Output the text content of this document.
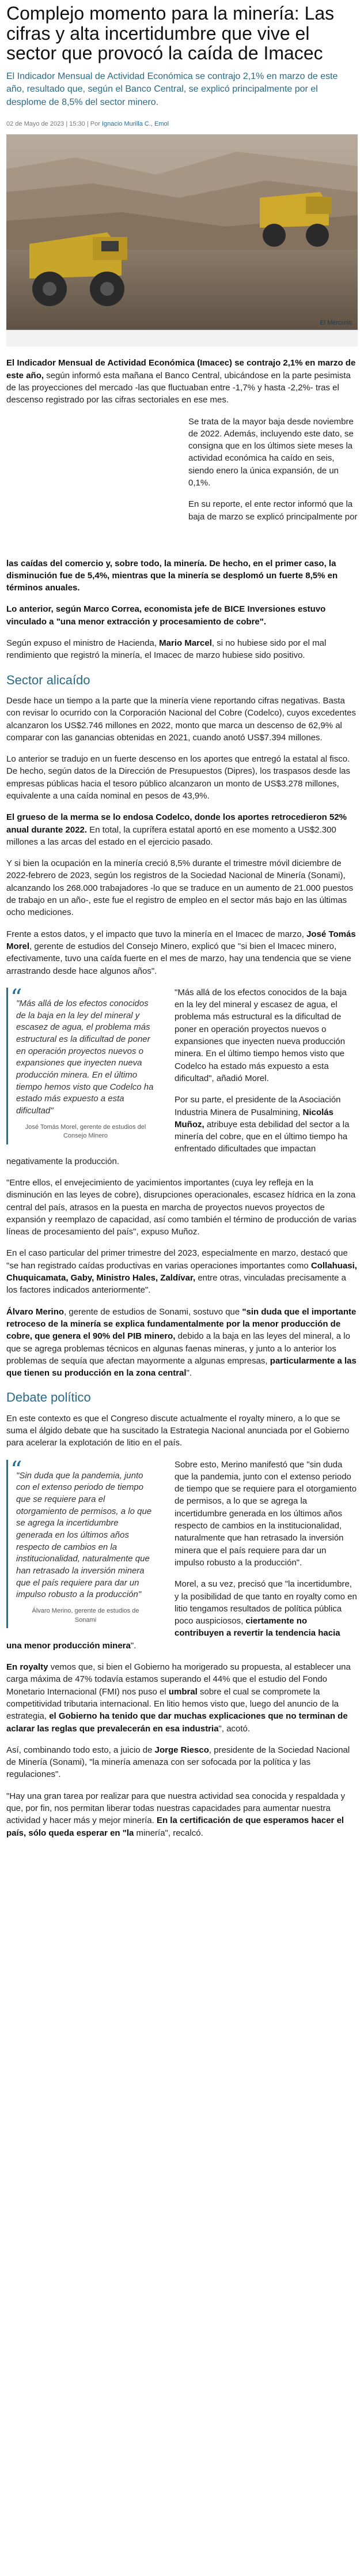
Complejo momento para la minería: Las cifras y alta incertidumbre que vive el sector que provocó la caída de Imacec
El Indicador Mensual de Actividad Económica se contrajo 2,1% en marzo de este año, resultado que, según el Banco Central, se explicó principalmente por el desplome de 8,5% del sector minero.
02 de Mayo de 2023 | 15:30 | Por Ignacio Murilla C., Emol
El Mercurio

El Indicador Mensual de Actividad Económica (Imacec) se contrajo 2,1% en marzo de este año, según informó esta mañana el Banco Central, ubicándose en la parte pesimista de las proyecciones del mercado -las que fluctuaban entre -1,7% y hasta -2,2%- tras el descenso registrado por las cifras sectoriales en ese mes.

Se trata de la mayor baja desde noviembre de 2022. Además, incluyendo este dato, se consigna que en los últimos siete meses la actividad económica ha caído en seis, siendo enero la única expansión, de un 0,1%.

En su reporte, el ente rector informó que la baja de marzo se explicó principalmente por

las caídas del comercio y, sobre todo, la minería. De hecho, en el primer caso, la disminución fue de 5,4%, mientras que la minería se desplomó un fuerte 8,5% en términos anuales.

Lo anterior, según Marco Correa, economista jefe de BICE Inversiones estuvo vinculado a "una menor extracción y procesamiento de cobre".

Según expuso el ministro de Hacienda, Mario Marcel, si no hubiese sido por el mal rendimiento que registró la minería, el Imacec de marzo hubiese sido positivo.

Sector alicaído

Desde hace un tiempo a la parte que la minería viene reportando cifras negativas. Basta con revisar lo ocurrido con la Corporación Nacional del Cobre (Codelco), cuyos excedentes alcanzaron los US$2.746 millones en 2022, monto que marca un descenso de 62,9% al comparar con las ganancias obtenidas en 2021, cuando anotó US$7.394 millones.

Lo anterior se tradujo en un fuerte descenso en los aportes que entregó la estatal al fisco. De hecho, según datos de la Dirección de Presupuestos (Dipres), los traspasos desde las empresas públicas hacia el tesoro público alcanzaron un monto de US$3.278 millones, equivalente a una caída nominal en pesos de 43,9%.

El grueso de la merma se lo endosa Codelco, donde los aportes retrocedieron 52% anual durante 2022. En total, la cuprífera estatal aportó en ese momento a US$2.300 millones a las arcas del estado en el ejercicio pasado.

Y si bien la ocupación en la minería creció 8,5% durante el trimestre móvil diciembre de 2022-febrero de 2023, según los registros de la Sociedad Nacional de Minería (Sonami), alcanzando los 268.000 trabajadores -lo que se traduce en un aumento de 21.000 puestos de trabajo en un año-, este fue el registro de empleo en el sector más bajo en las últimas ocho mediciones.

Frente a estos datos, y el impacto que tuvo la minería en el Imacec de marzo, José Tomás Morel, gerente de estudios del Consejo Minero, explicó que "si bien el Imacec minero, efectivamente, tuvo una caída fuerte en el mes de marzo, hay una tendencia que se viene arrastrando desde hace algunos años".

“ "Más allá de los efectos conocidos de la baja en la ley del mineral y escasez de agua, el problema más estructural es la dificultad de poner en operación proyectos nuevos o expansiones que inyecten nueva producción minera. En el último tiempo hemos visto que Codelco ha estado más expuesto a esta dificultad"
José Tomás Morel, gerente de estudios del Consejo Minero

"Más allá de los efectos conocidos de la baja en la ley del mineral y escasez de agua, el problema más estructural es la dificultad de poner en operación proyectos nuevos o expansiones que inyecten nueva producción minera. En el último tiempo hemos visto que Codelco ha estado más expuesto a esta dificultad", añadió Morel.

Por su parte, el presidente de la Asociación Industria Minera de Pusalmining, Nicolás Muñoz, atribuye esta debilidad del sector a la minería del cobre, que en el último tiempo ha enfrentado dificultades que impactan negativamente la producción.

"Entre ellos, el envejecimiento de yacimientos importantes (cuya ley refleja en la disminución en las leyes de cobre), disrupciones operacionales, escasez hídrica en la zona central del país, atrasos en la puesta en marcha de proyectos nuevos proyectos de expansión y reemplazo de capacidad, así como también el término de producción de varias líneas de procesamiento del país", expuso Muñoz.

En el caso particular del primer trimestre del 2023, especialmente en marzo, destacó que "se han registrado caídas productivas en varias operaciones importantes como Collahuasi, Chuquicamata, Gaby, Ministro Hales, Zaldívar, entre otras, vinculadas precisamente a los factores indicados anteriormente".

Álvaro Merino, gerente de estudios de Sonami, sostuvo que "sin duda que el importante retroceso de la minería se explica fundamentalmente por la menor producción de cobre, que genera el 90% del PIB minero, debido a la baja en las leyes del mineral, a lo que se agrega problemas técnicos en algunas faenas mineras, y junto a lo anterior los problemas de sequía que afectan mayormente a algunas empresas, particularmente a las que tienen su producción en la zona central".

Debate político

En este contexto es que el Congreso discute actualmente el royalty minero, a lo que se suma el álgido debate que ha suscitado la Estrategia Nacional anunciada por el Gobierno para acelerar la explotación de litio en el país.

“ "Sin duda que la pandemia, junto con el extenso periodo de tiempo que se requiere para el otorgamiento de permisos, a lo que se agrega la incertidumbre generada en los últimos años respecto de cambios en la institucionalidad, naturalmente que han retrasado la inversión minera que el país requiere para dar un impulso robusto a la producción"
Álvaro Merino, gerente de estudios de Sonami

Sobre esto, Merino manifestó que "sin duda que la pandemia, junto con el extenso periodo de tiempo que se requiere para el otorgamiento de permisos, a lo que se agrega la incertidumbre generada en los últimos años respecto de cambios en la institucionalidad, naturalmente que han retrasado la inversión minera que el país requiere para dar un impulso robusto a la producción".

Morel, a su vez, precisó que "la incertidumbre, y la posibilidad de que tanto en royalty como en litio tengamos resultados de política pública poco auspiciosos, ciertamente no contribuyen a revertir la tendencia hacia una menor producción minera".

En royalty vemos que, si bien el Gobierno ha morigerado su propuesta, al establecer una carga máxima de 47% todavía estamos superando el 44% que el estudio del Fondo Monetario Internacional (FMI) nos puso el umbral sobre el cual se compromete la competitividad tributaria internacional. En litio hemos visto que, luego del anuncio de la estrategia, el Gobierno ha tenido que dar muchas explicaciones que no terminan de aclarar las reglas que prevalecerán en esa industria", acotó.

Así, combinando todo esto, a juicio de Jorge Riesco, presidente de la Sociedad Nacional de Minería (Sonami), "la minería amenaza con ser sofocada por la política y las regulaciones".

"Hay una gran tarea por realizar para que nuestra actividad sea conocida y respaldada y que, por fin, nos permitan liberar todas nuestras capacidades para aumentar nuestra actividad y hacer más y mejor minería. En la certificación de que esperamos hacer el país, sólo queda esperar en "la minería", recalcó.
